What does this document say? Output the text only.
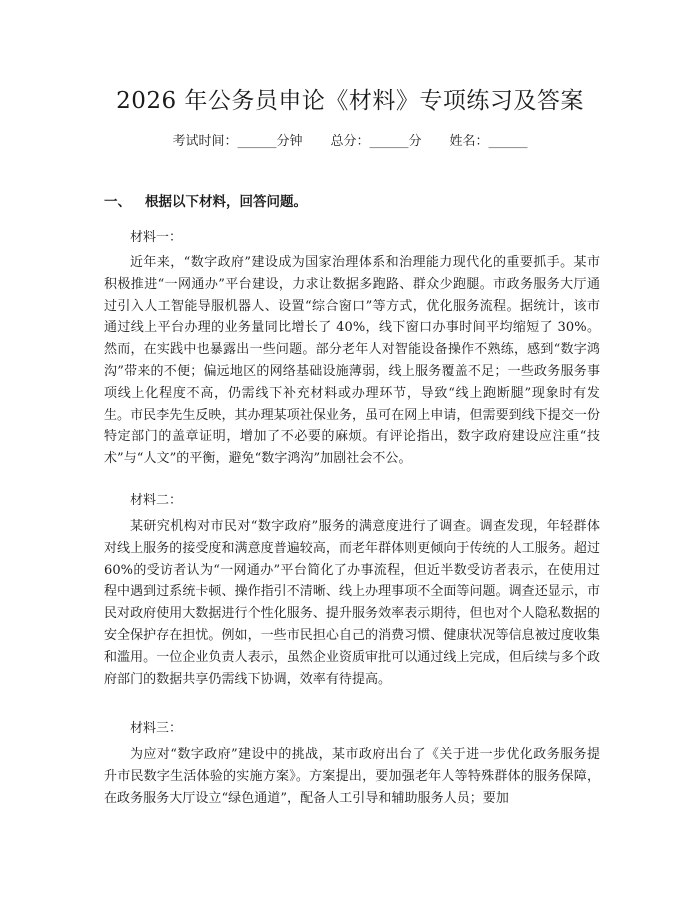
2026 年公务员申论《材料》专项练习及答案
考试时间：______分钟 总分：______分 姓名：______
一、 根据以下材料，回答问题。

材料一：

近年来，“数字政府”建设成为国家治理体系和治理能力现代化的重要抓手。某市积极推进“一网通办”平台建设，力求让数据多跑路、群众少跑腿。市政务服务大厅通过引入人工智能导服机器人、设置“综合窗口”等方式，优化服务流程。据统计，该市通过线上平台办理的业务量同比增长了 40%，线下窗口办事时间平均缩短了 30%。然而，在实践中也暴露出一些问题。部分老年人对智能设备操作不熟练，感到“数字鸿沟”带来的不便；偏远地区的网络基础设施薄弱，线上服务覆盖不足；一些政务服务事项线上化程度不高，仍需线下补充材料或办理环节，导致“线上跑断腿”现象时有发生。市民李先生反映，其办理某项社保业务，虽可在网上申请，但需要到线下提交一份特定部门的盖章证明，增加了不必要的麻烦。有评论指出，数字政府建设应注重“技术”与“人文”的平衡，避免“数字鸿沟”加剧社会不公。

材料二：

某研究机构对市民对“数字政府”服务的满意度进行了调查。调查发现，年轻群体对线上服务的接受度和满意度普遍较高，而老年群体则更倾向于传统的人工服务。超过 60%的受访者认为“一网通办”平台简化了办事流程，但近半数受访者表示，在使用过程中遇到过系统卡顿、操作指引不清晰、线上办理事项不全面等问题。调查还显示，市民对政府使用大数据进行个性化服务、提升服务效率表示期待，但也对个人隐私数据的安全保护存在担忧。例如，一些市民担心自己的消费习惯、健康状况等信息被过度收集和滥用。一位企业负责人表示，虽然企业资质审批可以通过线上完成，但后续与多个政府部门的数据共享仍需线下协调，效率有待提高。

材料三：

为应对“数字政府”建设中的挑战，某市政府出台了《关于进一步优化政务服务提升市民数字生活体验的实施方案》。方案提出，要加强老年人等特殊群体的服务保障，在政务服务大厅设立“绿色通道”，配备人工引导和辅助服务人员；要加
